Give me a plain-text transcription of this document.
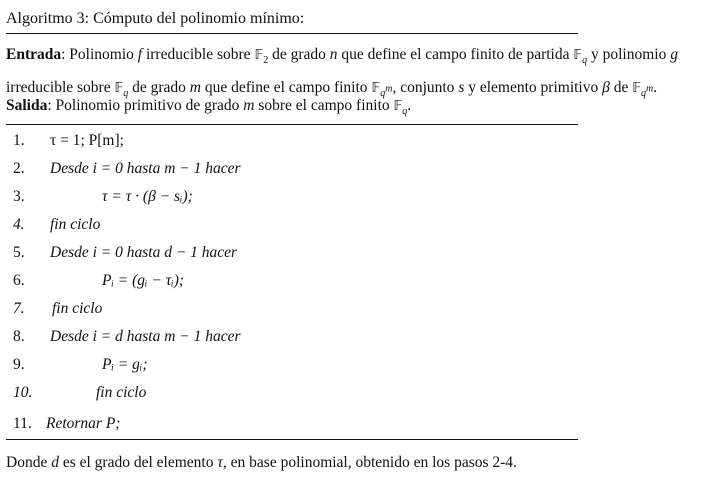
Algoritmo 3: Cómputo del polinomio mínimo:
Entrada: Polinomio f irreducible sobre 𝔽$_2$ de grado n que define el campo finito de partida 𝔽$_q$ y polinomio g irreducible sobre 𝔽$_q$ de grado m que define el campo finito 𝔽$_{q^m}$, conjunto s y elemento primitivo β de 𝔽$_{q^m}$.
Salida: Polinomio primitivo de grado m sobre el campo finito 𝔽$_q$.
1. τ = 1; P[m];
2. Desde i = 0 hasta m − 1 hacer
3.	τ = τ · (β − sᵢ);
4. fin ciclo
5. Desde i = 0 hasta d − 1 hacer
6.	Pᵢ = (gᵢ − τᵢ);
7. fin ciclo
8. Desde i = d hasta m − 1 hacer
9.	Pᵢ = gᵢ;
10.	fin ciclo
11. Retornar P;
Donde d es el grado del elemento τ, en base polinomial, obtenido en los pasos 2-4.
